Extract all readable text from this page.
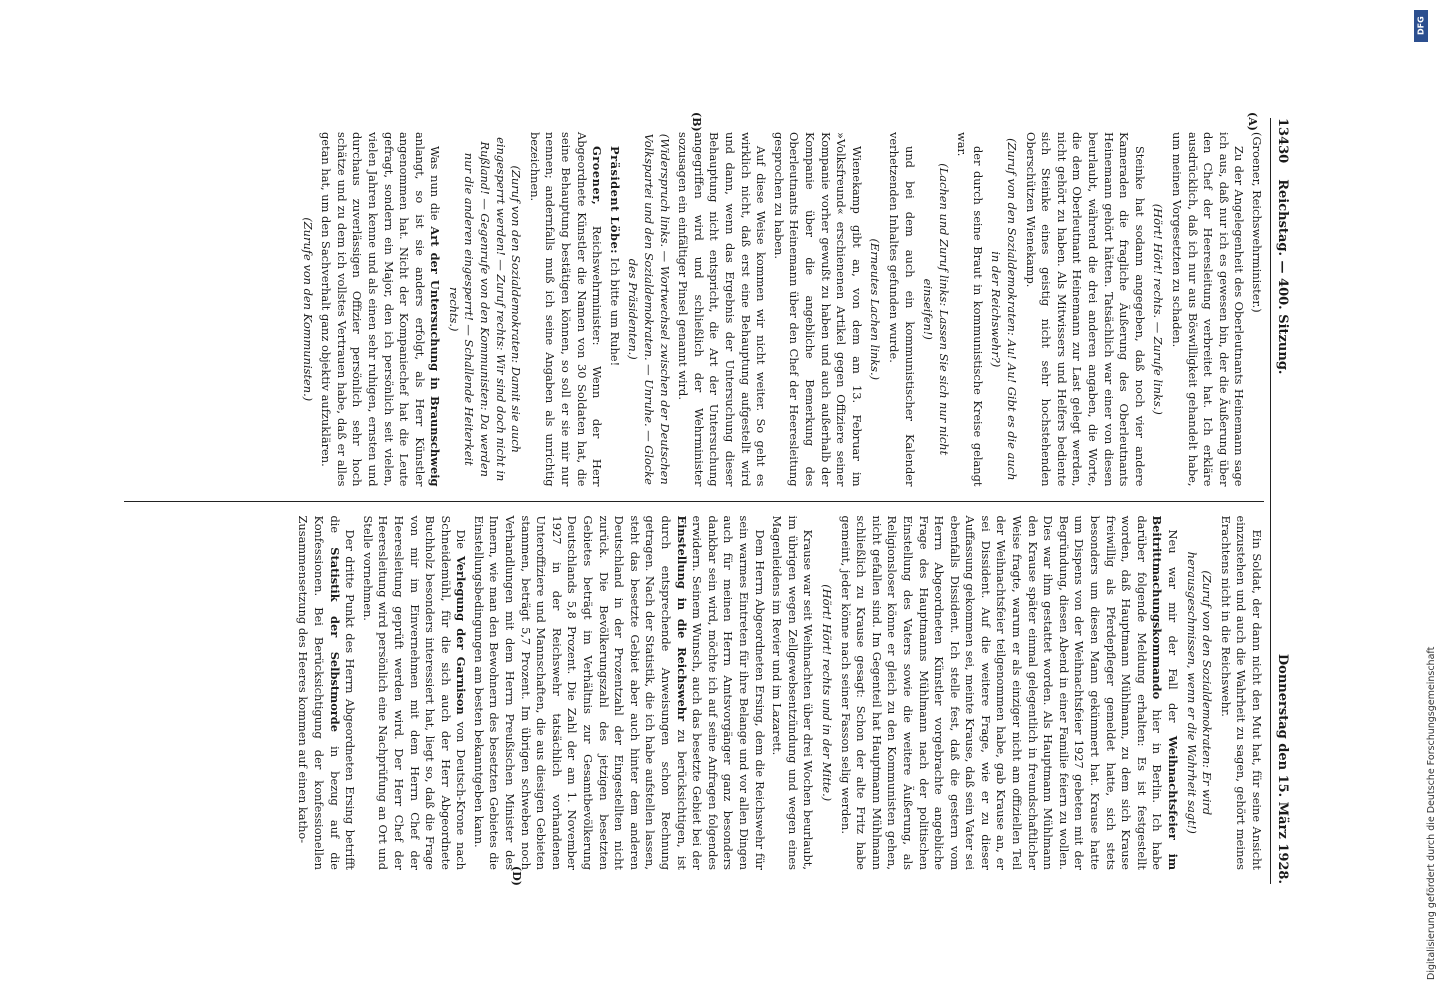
13430
Reichstag. — 400. Sitzung.
Donnerstag den 15. März 1928.
(A)
(B)

(Groener, Reichswehrminister.)

Zu der Angelegenheit des Oberleutnants Heinemann sage ich aus, daß nur ich es gewesen bin, der die Äußerung über den Chef der Heeresleitung verbreitet hat. Ich erkläre ausdrücklich, daß ich nur aus Böswilligkeit gehandelt habe, um meinen Vorgesetzten zu schaden.

(Hört! Hört! rechts. — Zurufe links.)

Steinke hat sodann angegeben, daß noch vier andere Kameraden die fragliche Äußerung des Oberleutnants Heinemann gehört hätten. Tatsächlich war einer von diesen beurlaubt, während die drei anderen angaben, die Worte, die dem Oberleutnant Heinemann zur Last gelegt werden, nicht gehört zu haben. Als Mitwissers und Helfers bediente sich Steinke eines geistig nicht sehr hochstehenden Oberschützen Wienekamp.

(Zuruf von den Sozialdemokraten: Au! Au! Gibt es die auch in der Reichswehr?)

der durch seine Braut in kommunistische Kreise gelangt war.

(Lachen und Zuruf links: Lassen Sie sich nur nicht einseifen!)

und bei dem auch ein kommunistischer Kalender verhetzenden Inhaltes gefunden wurde.

(Erneutes Lachen links.)

Wienekamp gibt an, von dem am 13. Februar im »Volksfreund« erschienenen Artikel gegen Offiziere seiner Kompanie vorher gewußt zu haben und auch außerhalb der Kompanie über die angebliche Bemerkung des Oberleutnants Heinemann über den Chef der Heeresleitung gesprochen zu haben.

Auf diese Weise kommen wir nicht weiter. So geht es wirklich nicht, daß erst eine Behauptung aufgestellt wird und dann, wenn das Ergebnis der Untersuchung dieser Behauptung nicht entspricht, die Art der Untersuchung angegriffen wird und schließlich der Wehrminister sozusagen ein einfältiger Pinsel genannt wird.

(Widerspruch links. — Wortwechsel zwischen der Deutschen Volkspartei und den Sozialdemokraten. — Unruhe. — Glocke des Präsidenten.)

Präsident Löbe: Ich bitte um Ruhe!

Groener, Reichswehrminister: Wenn der Herr Abgeordnete Künstler die Namen von 30 Soldaten hat, die seine Behauptung bestätigen können, so soll er sie mir nur nennen; andernfalls muß ich seine Angaben als unrichtig bezeichnen.

(Zuruf von den Sozialdemokraten: Damit sie auch eingesperrt werden! — Zuruf rechts: Wir sind doch nicht in Rußland! — Gegenrufe von den Kommunisten: Da werden nur die anderen eingesperrt! — Schallende Heiterkeit rechts.)

Was nun die Art der Untersuchung in Braunschweig anlangt, so ist sie anders erfolgt, als Herr Künstler angenommen hat. Nicht der Kompaniechef hat die Leute gefragt, sondern ein Major, den ich persönlich seit vielen, vielen Jahren kenne und als einen sehr ruhigen, ernsten und durchaus zuverlässigen Offizier persönlich sehr hoch schätze und zu dem ich vollstes Vertrauen habe, daß er alles getan hat, um den Sachverhalt ganz objektiv aufzuklären.

(Zurufe von den Kommunisten.)

(D)

Ein Soldat, der dann nicht den Mut hat, für seine Ansicht einzustehen und auch die Wahrheit zu sagen, gehört meines Erachtens nicht in die Reichswehr.

(Zuruf von den Sozialdemokraten: Er wird herausgeschmissen, wenn er die Wahrheit sagt!)

Neu war mir der Fall der Weihnachtsfeier im Beitrittmachungskommando hier in Berlin. Ich habe darüber folgende Meldung erhalten: Es ist festgestellt worden, daß Hauptmann Mühlmann, zu dem sich Krause freiwillig als Pferdepfleger gemeldet hatte, sich stets besonders um diesen Mann gekümmert hat. Krause hatte um Dispens von der Weihnachtsfeier 1927 gebeten mit der Begründung, diesen Abend in einer Familie feiern zu wollen. Dies war ihm gestattet worden. Als Hauptmann Mühlmann den Krause später einmal gelegentlich in freundschaftlicher Weise fragte, warum er als einziger nicht am offiziellen Teil der Weihnachtsfeier teilgenommen habe, gab Krause an, er sei Dissident. Auf die weitere Frage, wie er zu dieser Auffassung gekommen sei, meinte Krause, daß sein Vater sei ebenfalls Dissident. Ich stelle fest, daß die gestern vom Herrn Abgeordneten Künstler vorgebrachte angebliche Frage des Hauptmanns Mühlmann nach der politischen Einstellung des Vaters sowie die weitere Äußerung, als Religionsloser könne er gleich zu den Kommunisten gehen, nicht gefallen sind. Im Gegenteil hat Hauptmann Mühlmann schließlich zu Krause gesagt: Schon der alte Fritz habe gemeint, jeder könne nach seiner Fasson selig werden.

(Hört! Hört! rechts und in der Mitte.)

Krause war seit Weihnachten über drei Wochen beurlaubt, im übrigen wegen Zellgewebsentzündung und wegen eines Magenleidens im Revier und im Lazarett.

Dem Herrn Abgeordneten Ersing, dem die Reichswehr für sein warmes Eintreten für ihre Belange und vor allen Dingen auch für meinen Herrn Amtsvorgänger ganz besonders dankbar sein wird, möchte ich auf seine Anfragen folgendes erwidern. Seinem Wunsch, auch das besetzte Gebiet bei der Einstellung in die Reichswehr zu berücksichtigen, ist durch entsprechende Anweisungen schon Rechnung getragen. Nach der Statistik, die ich habe aufstellen lassen, steht das besetzte Gebiet aber auch hinter dem anderen Deutschland in der Prozentzahl der Eingestellten nicht zurück. Die Bevölkerungszahl des jetzigen besetzten Gebietes beträgt im Verhältnis zur Gesamtbevölkerung Deutschlands 5,8 Prozent. Die Zahl der am 1. November 1927 in der Reichswehr tatsächlich vorhandenen Unteroffiziere und Mannschaften, die aus diesigen Gebieten stammen, beträgt 5,7 Prozent. Im übrigen schweben noch Verhandlungen mit dem Herrn Preußischen Minister des Innern, wie man den Bewohnern des besetzten Gebietes die Einstellungsbedingungen am besten bekanntgeben kann.

Die Verlegung der Garnison von Deutsch-Krone nach Schneidemühl, für die sich auch der Herr Abgeordnete Buchholz besonders interessiert hat, liegt so, daß die Frage von mir im Einvernehmen mit dem Herrn Chef der Heeresleitung geprüft werden wird. Der Herr Chef der Heeresleitung wird persönlich eine Nachprüfung an Ort und Stelle vornehmen.

Der dritte Punkt des Herrn Abgeordneten Ersing betrifft die Statistik der Selbstmorde in bezug auf die Konfessionen. Bei Berücksichtigung der konfessionellen Zusammensetzung des Heeres kommen auf einen katho-	Digitalisierung gefördert durch die Deutsche Forschungsgemeinschaft
DFG
